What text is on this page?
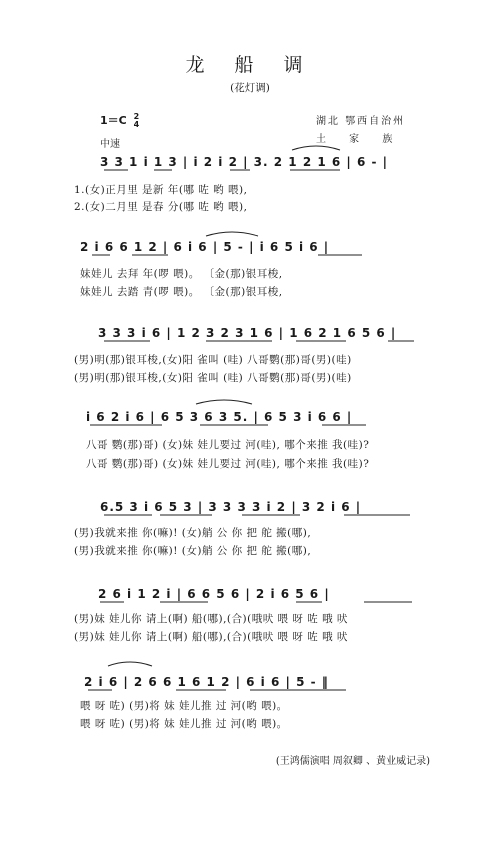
龙 船 调
(花灯调)
1＝C 2
4
中速
湖北 鄂西自治州
土 家 族
3 3 1 i 1 3 | i 2 i 2 | 3. 2 1 2 1 6 | 6 - |
1.(女)正月里 是新 年(哪 咗 哟 喂),
2.(女)二月里 是春 分(哪 咗 哟 喂),
2 i 6 6 1 2 | 6 i 6 | 5 - | i 6 5 i 6 |
妹娃儿 去拜 年(啰 喂)。 〔金(那)银耳梭,
妹娃儿 去踏 青(啰 喂)。 〔金(那)银耳梭,
3 3 3 i 6 | 1 2 3 2 3 1 6 | 1 6 2 1 6 5 6 |
(男)明(那)银耳梭,(女)阳 雀叫 (哇) 八哥鹦(那)哥(男)(哇)
(男)明(那)银耳梭,(女)阳 雀叫 (哇) 八哥鹦(那)哥(男)(哇)
i 6 2 i 6 | 6 5 3 6 3 5. | 6 5 3 i 6 6 |
八哥 鹦(那)哥) (女)妹 娃儿要过 河(哇), 哪个来推 我(哇)?
八哥 鹦(那)哥) (女)妹 娃儿要过 河(哇), 哪个来推 我(哇)?
6.5 3 i 6 5 3 | 3 3 3 3 i 2 | 3 2 i 6 |
(男)我就来推 你(嘛)! (女)艄 公 你 把 舵 搬(哪),
(男)我就来推 你(嘛)! (女)艄 公 你 把 舵 搬(哪),
2 6 i 1 2 i | 6 6 5 6 | 2 i 6 5 6 |
(男)妹 娃儿你 请上(啊) 船(哪),(合)(哦吠 喂 呀 咗 哦 吠
(男)妹 娃儿你 请上(啊) 船(哪),(合)(哦吠 喂 呀 咗 哦 吠
2 i 6 | 2 6 6 1 6 1 2 | 6 i 6 | 5 - ‖
喂 呀 咗) (男)将 妹 娃儿推 过 河(哟 喂)。
喂 呀 咗) (男)将 妹 娃儿推 过 河(哟 喂)。
(王鸿儒演唱 周叙卿 、黄业威记录)
